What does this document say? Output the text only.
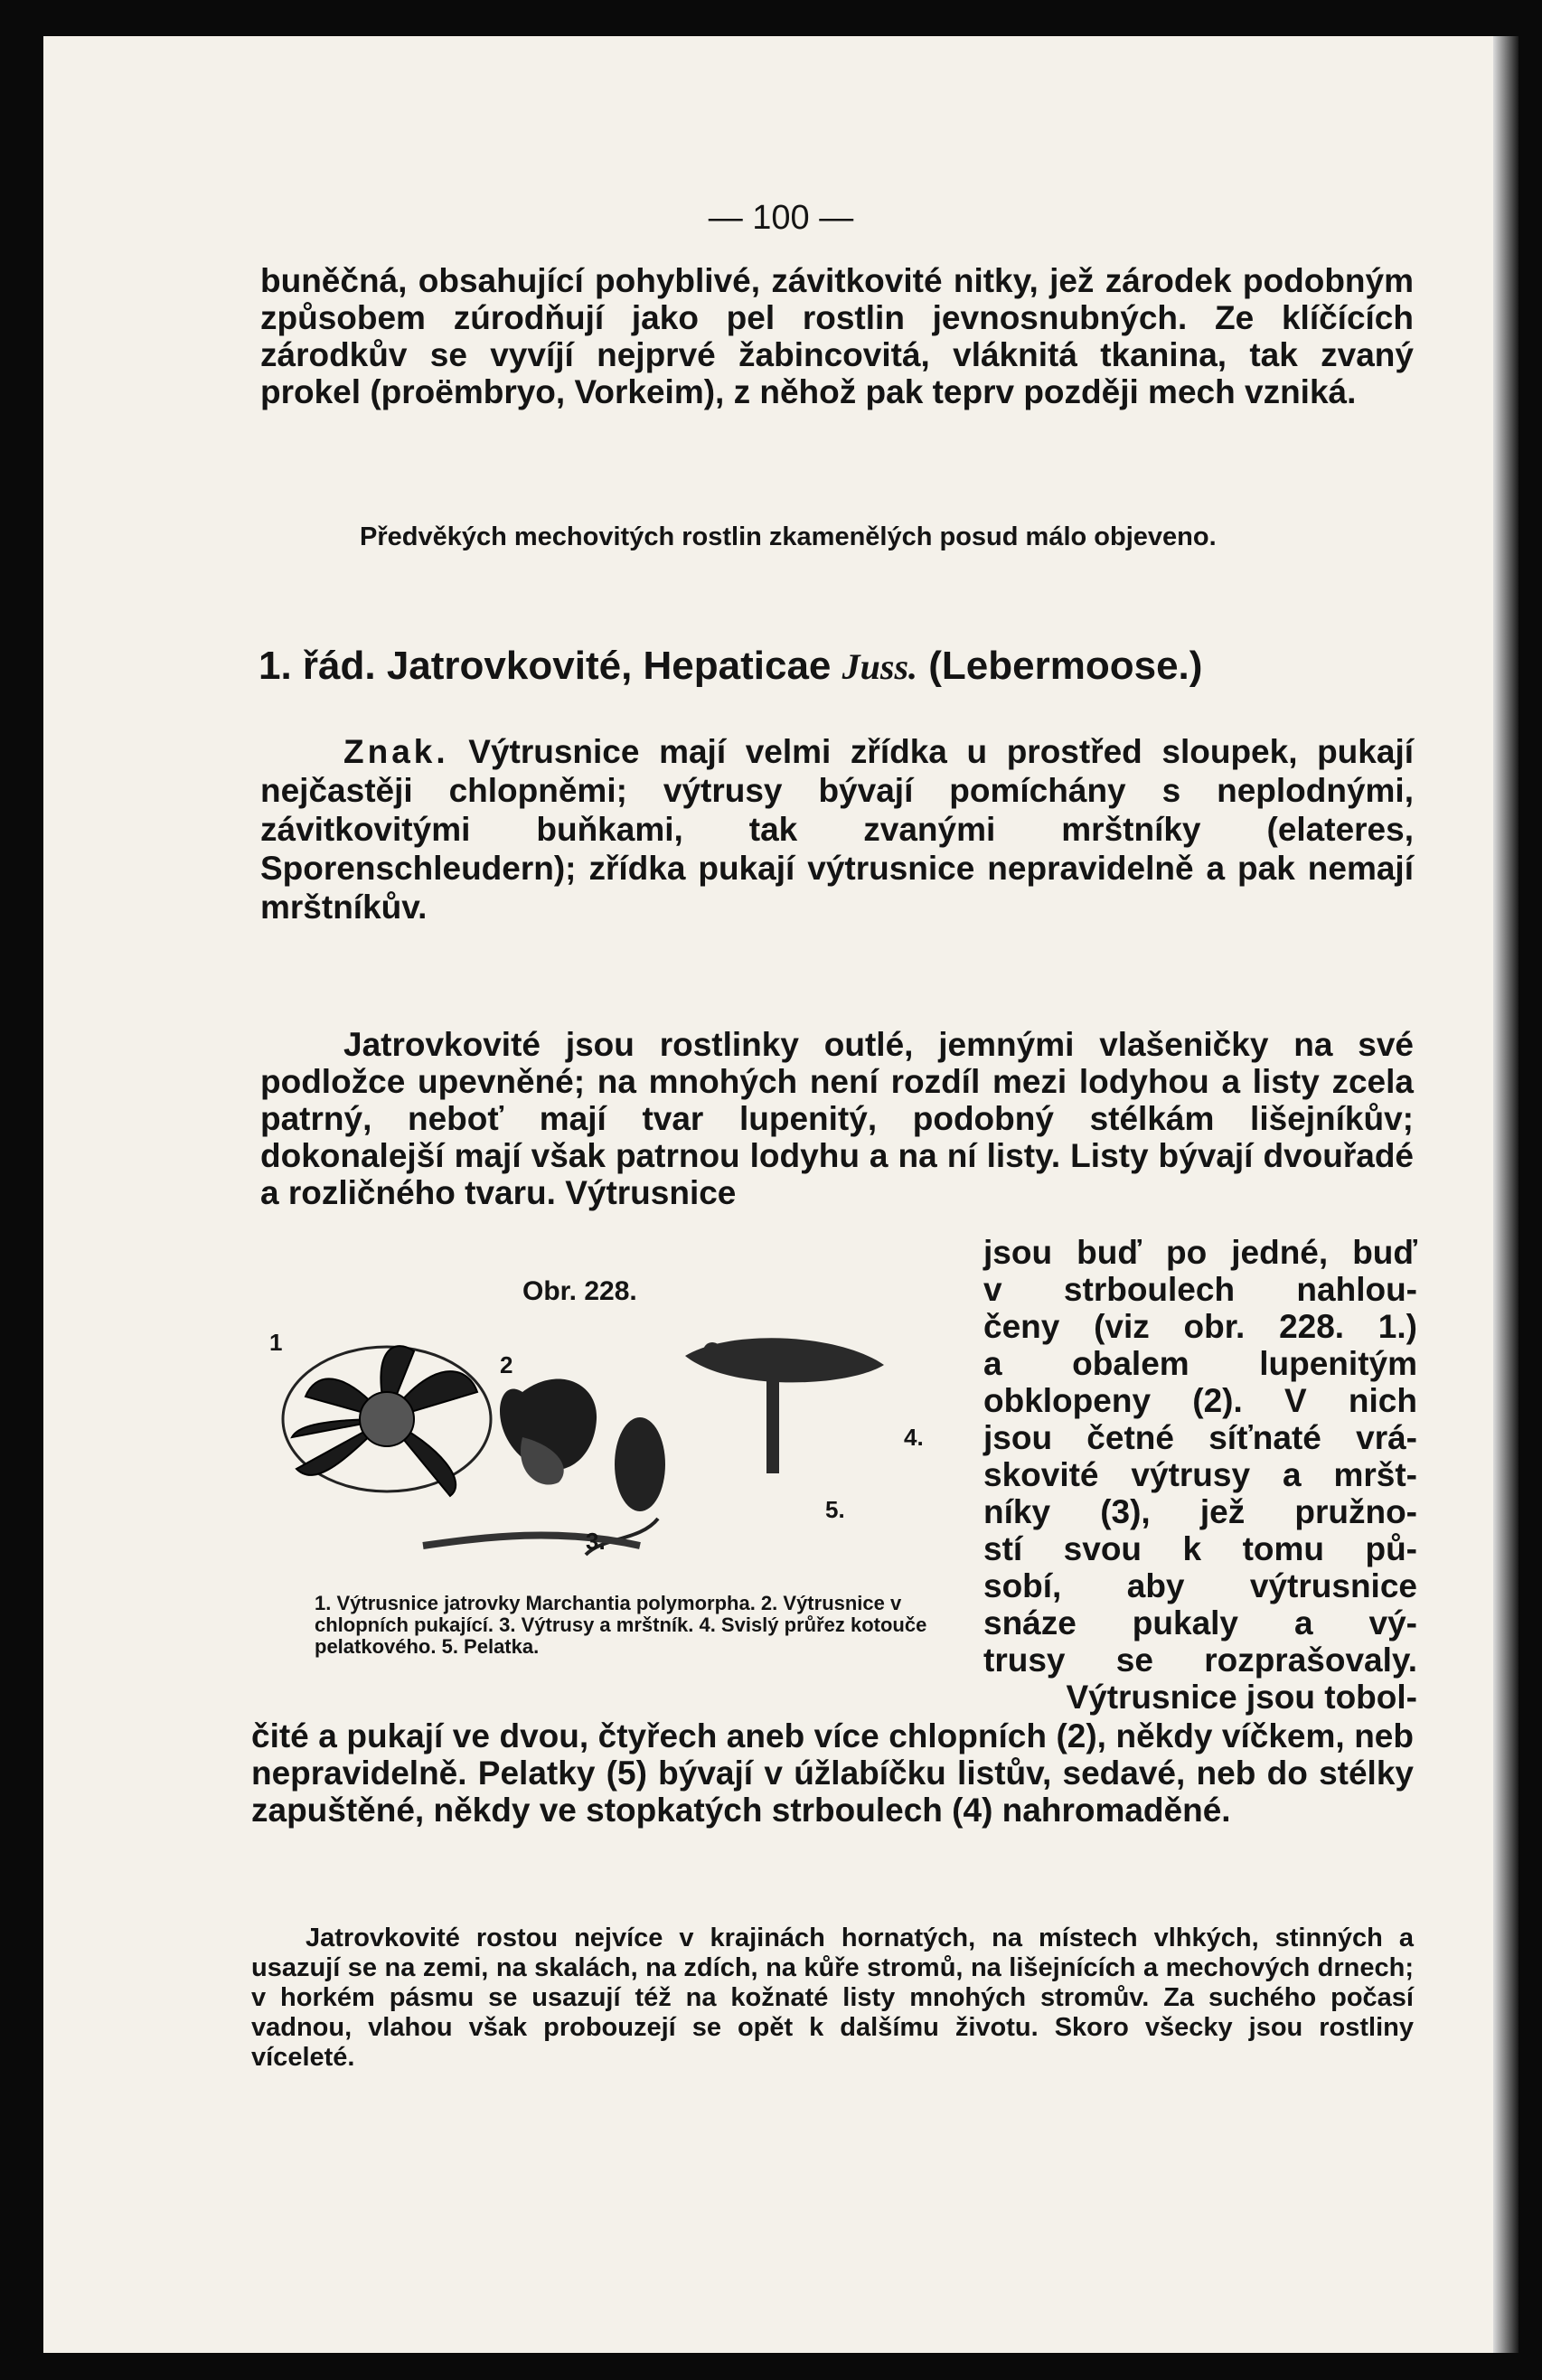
— 100 —

buněčná, obsahující pohyblivé, závitkovité nitky, jež zárodek podobným způsobem zúrodňují jako pel rostlin jevnosnubných. Ze klíčících zárodkův se vyvíjí nejprvé žabincovitá, vláknitá tkanina, tak zvaný prokel (proëmbryo, Vorkeim), z něhož pak teprv později mech vzniká.

Předvěkých mechovitých rostlin zkamenělých posud málo objeveno.

1. řád. Jatrovkovité, Hepaticae Juss. (Lebermoose.)

Znak. Výtrusnice mají velmi zřídka u prostřed sloupek, pukají nejčastěji chlopněmi; výtrusy bývají pomíchány s neplodnými, závitkovitými buňkami, tak zvanými mrštníky (elateres, Sporenschleudern); zřídka pukají výtrusnice nepravidelně a pak nemají mrštníkův.

Jatrovkovité jsou rostlinky outlé, jemnými vlašeničky na své podložce upevněné; na mnohých není rozdíl mezi lodyhou a listy zcela patrný, neboť mají tvar lupenitý, podobný stélkám lišejníkův; dokonalejší mají však patrnou lodyhu a na ní listy. Listy bývají dvouřadé a rozličného tvaru. Výtrusnice

Obr. 228.
1
2
3.
4.
5.

1. Výtrusnice jatrovky Marchantia polymorpha. 2. Výtrusnice v chlopních pukající. 3. Výtrusy a mrštník. 4. Svislý průřez kotouče pelatkového. 5. Pelatka.

jsou buď po jedné, buď
v strboulech nahlou-
čeny (viz obr. 228. 1.)
a obalem lupenitým
obklopeny (2). V nich
jsou četné síťnaté vrá-
skovité výtrusy a mršt-
níky (3), jež pružno-
stí svou k tomu pů-
sobí, aby výtrusnice
snáze pukaly a vý-
trusy se rozprašovaly.
Výtrusnice jsou tobol-

čité a pukají ve dvou, čtyřech aneb více chlopních (2), někdy víčkem, neb nepravidelně. Pelatky (5) bývají v úžlabíčku listův, sedavé, neb do stélky zapuštěné, někdy ve stopkatých strboulech (4) nahromaděné.

Jatrovkovité rostou nejvíce v krajinách hornatých, na místech vlhkých, stinných a usazují se na zemi, na skalách, na zdích, na kůře stromů, na lišejnících a mechových drnech; v horkém pásmu se usazují též na kožnaté listy mnohých stromův. Za suchého počasí vadnou, vlahou však probouzejí se opět k dalšímu životu. Skoro všecky jsou rostliny víceleté.
